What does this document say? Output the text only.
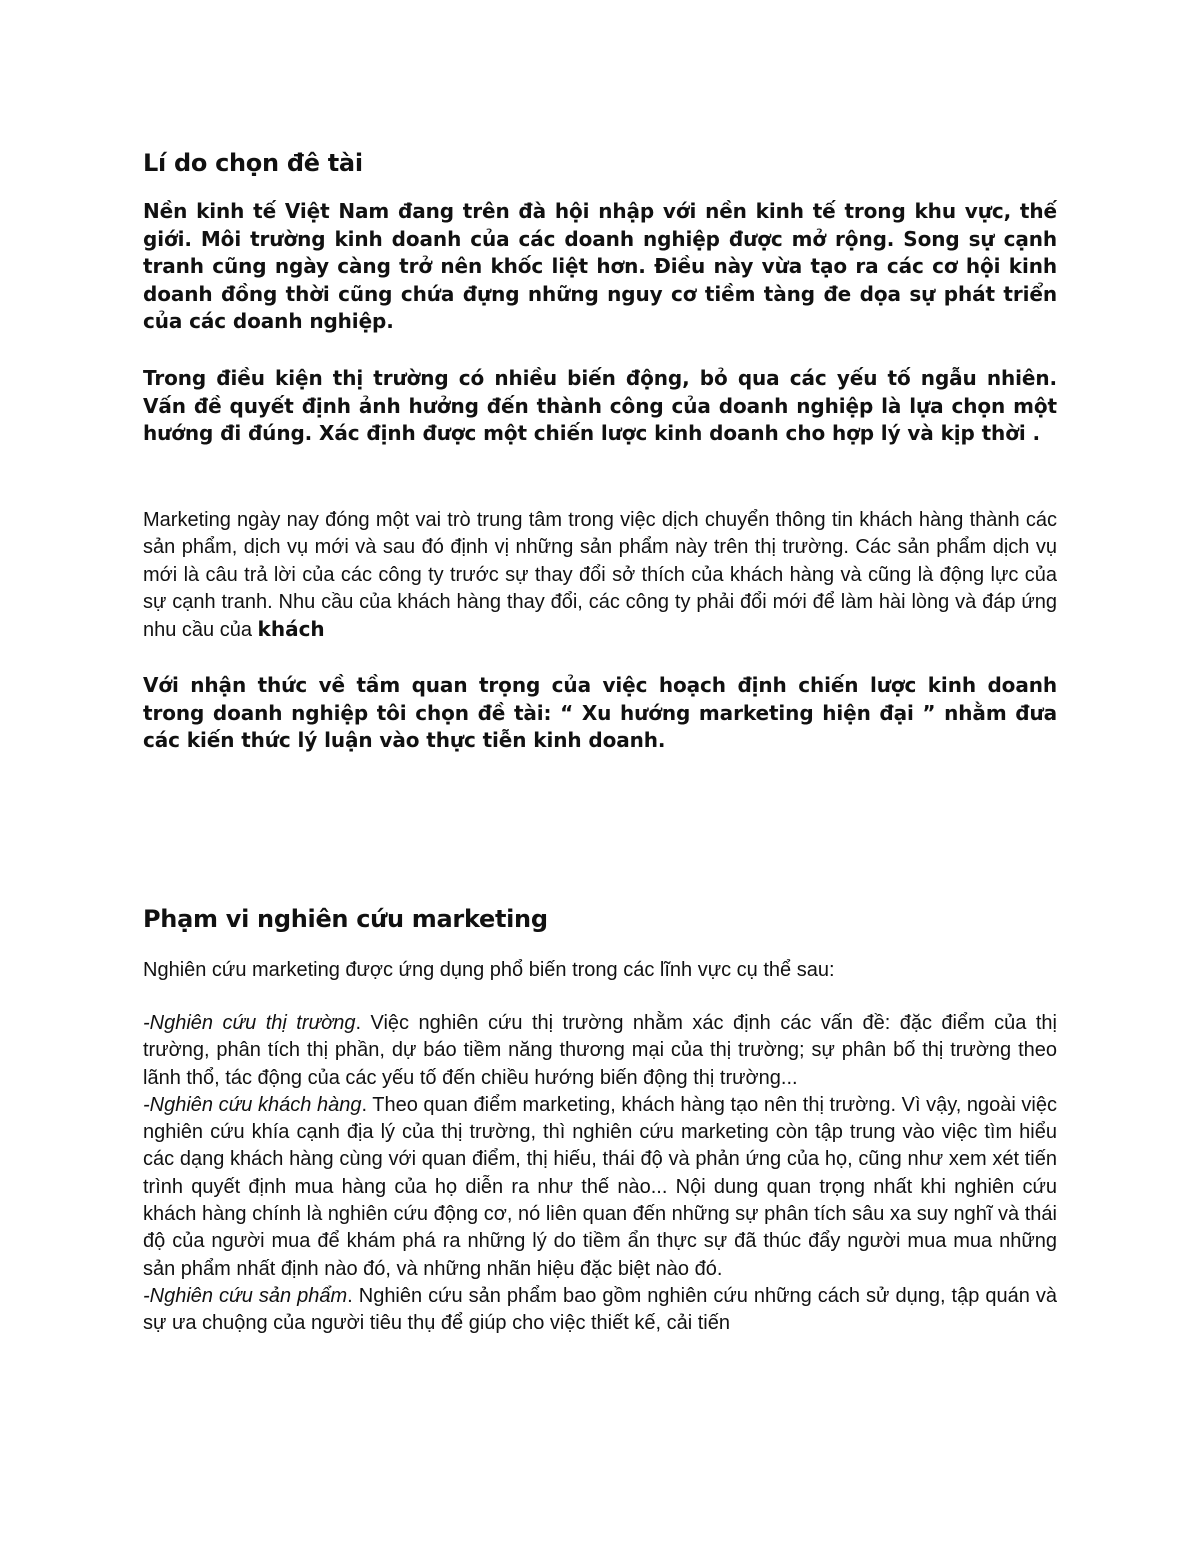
Lí do chọn đê tài

Nền kinh tế Việt Nam đang trên đà hội nhập với nền kinh tế trong khu vực, thế giới. Môi trường kinh doanh của các doanh nghiệp được mở rộng. Song sự cạnh tranh cũng ngày càng trở nên khốc liệt hơn. Điều này vừa tạo ra các cơ hội kinh doanh đồng thời cũng chứa đựng những nguy cơ tiềm tàng đe dọa sự phát triển của các doanh nghiệp.

Trong điều kiện thị trường có nhiều biến động, bỏ qua các yếu tố ngẫu nhiên. Vấn đề quyết định ảnh hưởng đến thành công của doanh nghiệp là lựa chọn một hướng đi đúng. Xác định được một chiến lược kinh doanh cho hợp lý và kịp thời .

Marketing ngày nay đóng một vai trò trung tâm trong việc dịch chuyển thông tin khách hàng thành các sản phẩm, dịch vụ mới và sau đó định vị những sản phẩm này trên thị trường. Các sản phẩm dịch vụ mới là câu trả lời của các công ty trước sự thay đổi sở thích của khách hàng và cũng là động lực của sự cạnh tranh. Nhu cầu của khách hàng thay đổi, các công ty phải đổi mới để làm hài lòng và đáp ứng nhu cầu của khách

Với nhận thức về tầm quan trọng của việc hoạch định chiến lược kinh doanh trong doanh nghiệp tôi chọn đề tài: “ Xu hướng marketing hiện đại ” nhằm đưa các kiến thức lý luận vào thực tiễn kinh doanh.

Phạm vi nghiên cứu marketing

Nghiên cứu marketing được ứng dụng phổ biến trong các lĩnh vực cụ thể sau:

-Nghiên cứu thị trường. Việc nghiên cứu thị trường nhằm xác định các vấn đề: đặc điểm của thị trường, phân tích thị phần, dự báo tiềm năng thương mại của thị trường; sự phân bố thị trường theo lãnh thổ, tác động của các yếu tố đến chiều hướng biến động thị trường...

-Nghiên cứu khách hàng. Theo quan điểm marketing, khách hàng tạo nên thị trường. Vì vậy, ngoài việc nghiên cứu khía cạnh địa lý của thị trường, thì nghiên cứu marketing còn tập trung vào việc tìm hiểu các dạng khách hàng cùng với quan điểm, thị hiếu, thái độ và phản ứng của họ, cũng như xem xét tiến trình quyết định mua hàng của họ diễn ra như thế nào... Nội dung quan trọng nhất khi nghiên cứu khách hàng chính là nghiên cứu động cơ, nó liên quan đến những sự phân tích sâu xa suy nghĩ và thái độ của người mua để khám phá ra những lý do tiềm ẩn thực sự đã thúc đẩy người mua mua những sản phẩm nhất định nào đó, và những nhãn hiệu đặc biệt nào đó.

-Nghiên cứu sản phẩm. Nghiên cứu sản phẩm bao gồm nghiên cứu những cách sử dụng, tập quán và sự ưa chuộng của người tiêu thụ để giúp cho việc thiết kế, cải tiến
